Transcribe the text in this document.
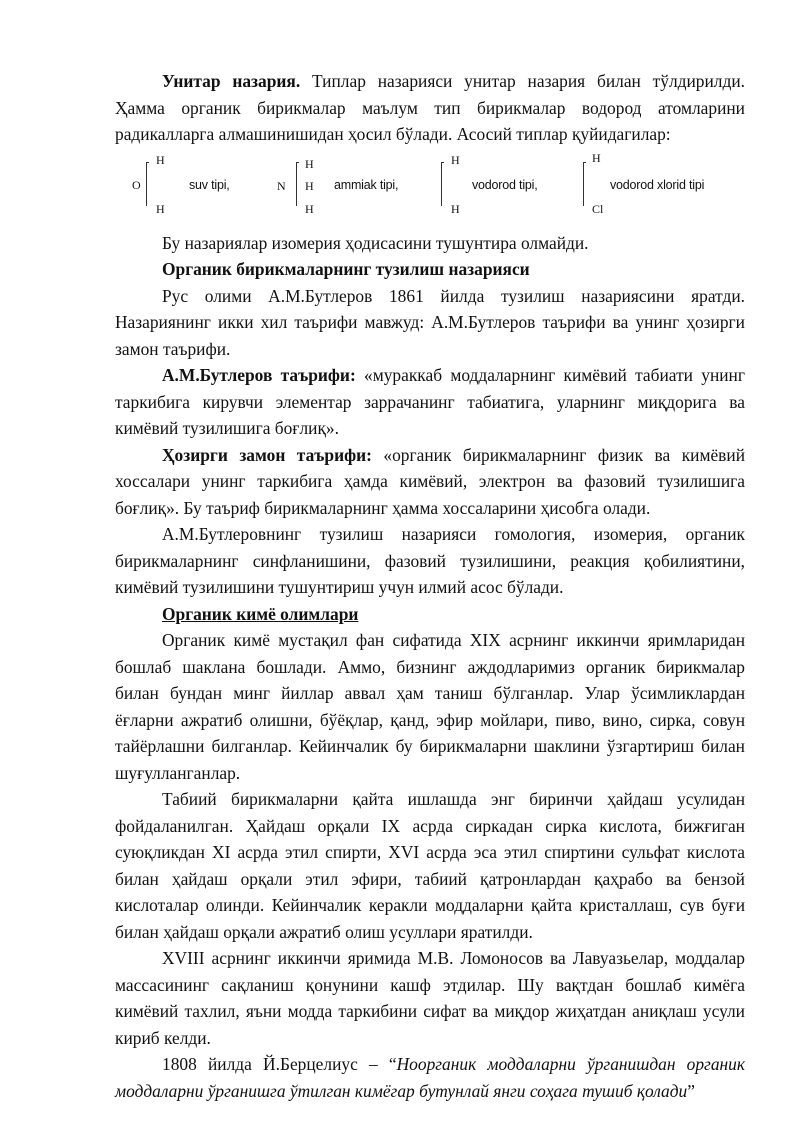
Унитар назария. Типлар назарияси унитар назария билан тўлдирилди. Ҳамма органик бирикмалар маълум тип бирикмалар водород атомларини радикалларга алмашинишидан ҳосил бўлади. Асосий типлар қуйидагилар:

O
H
H
suv tipi,	N
H
H
H
ammiak tipi,
H
H
vodorod tipi,
H
Cl
vodorod xlorid tipi

Бу назариялар изомерия ҳодисасини тушунтира олмайди.

Органик бирикмаларнинг тузилиш назарияси

Рус олими А.М.Бутлеров 1861 йилда тузилиш назариясини яратди. Назариянинг икки хил таърифи мавжуд: А.М.Бутлеров таърифи ва унинг ҳозирги замон таърифи.

А.М.Бутлеров таърифи: «мураккаб моддаларнинг кимёвий табиати унинг таркибига кирувчи элементар заррачанинг табиатига, уларнинг миқдорига ва кимёвий тузилишига боғлиқ».

Ҳозирги замон таърифи: «органик бирикмаларнинг физик ва кимёвий хоссалари унинг таркибига ҳамда кимёвий, электрон ва фазовий тузилишига боғлиқ». Бу таъриф бирикмаларнинг ҳамма хоссаларини ҳисобга олади.

А.М.Бутлеровнинг тузилиш назарияси гомология, изомерия, органик бирикмаларнинг синфланишини, фазовий тузилишини, реакция қобилиятини, кимёвий тузилишини тушунтириш учун илмий асос бўлади.

Органик кимё олимлари

Органик кимё мустақил фан сифатида XIX асрнинг иккинчи яримларидан бошлаб шаклана бошлади. Аммо, бизнинг аждодларимиз органик бирикмалар билан бундан минг йиллар аввал ҳам таниш бўлганлар. Улар ўсимликлардан ёғларни ажратиб олишни, бўёқлар, қанд, эфир мойлари, пиво, вино, сирка, совун тайёрлашни билганлар. Кейинчалик бу бирикмаларни шаклини ўзгартириш билан шуғулланганлар.

Табиий бирикмаларни қайта ишлашда энг биринчи ҳайдаш усулидан фойдаланилган. Ҳайдаш орқали IX асрда сиркадан сирка кислота, бижғиган суюқликдан XI асрда этил спирти, XVI асрда эса этил спиртини сульфат кислота билан ҳайдаш орқали этил эфири, табиий қатронлардан қаҳрабо ва бензой кислоталар олинди. Кейинчалик керакли моддаларни қайта кристаллаш, сув буғи билан ҳайдаш орқали ажратиб олиш усуллари яратилди.

XVIII асрнинг иккинчи яримида М.В. Ломоносов ва Лавуазьелар, моддалар массасининг сақланиш қонунини кашф этдилар. Шу вақтдан бошлаб кимёга кимёвий тахлил, яъни модда таркибини сифат ва миқдор жиҳатдан аниқлаш усули кириб келди.

1808 йилда Й.Берцелиус – “Ноорганик моддаларни ўрганишдан органик моддаларни ўрганишга ўтилган кимёгар бутунлай янги соҳага тушиб қолади”
